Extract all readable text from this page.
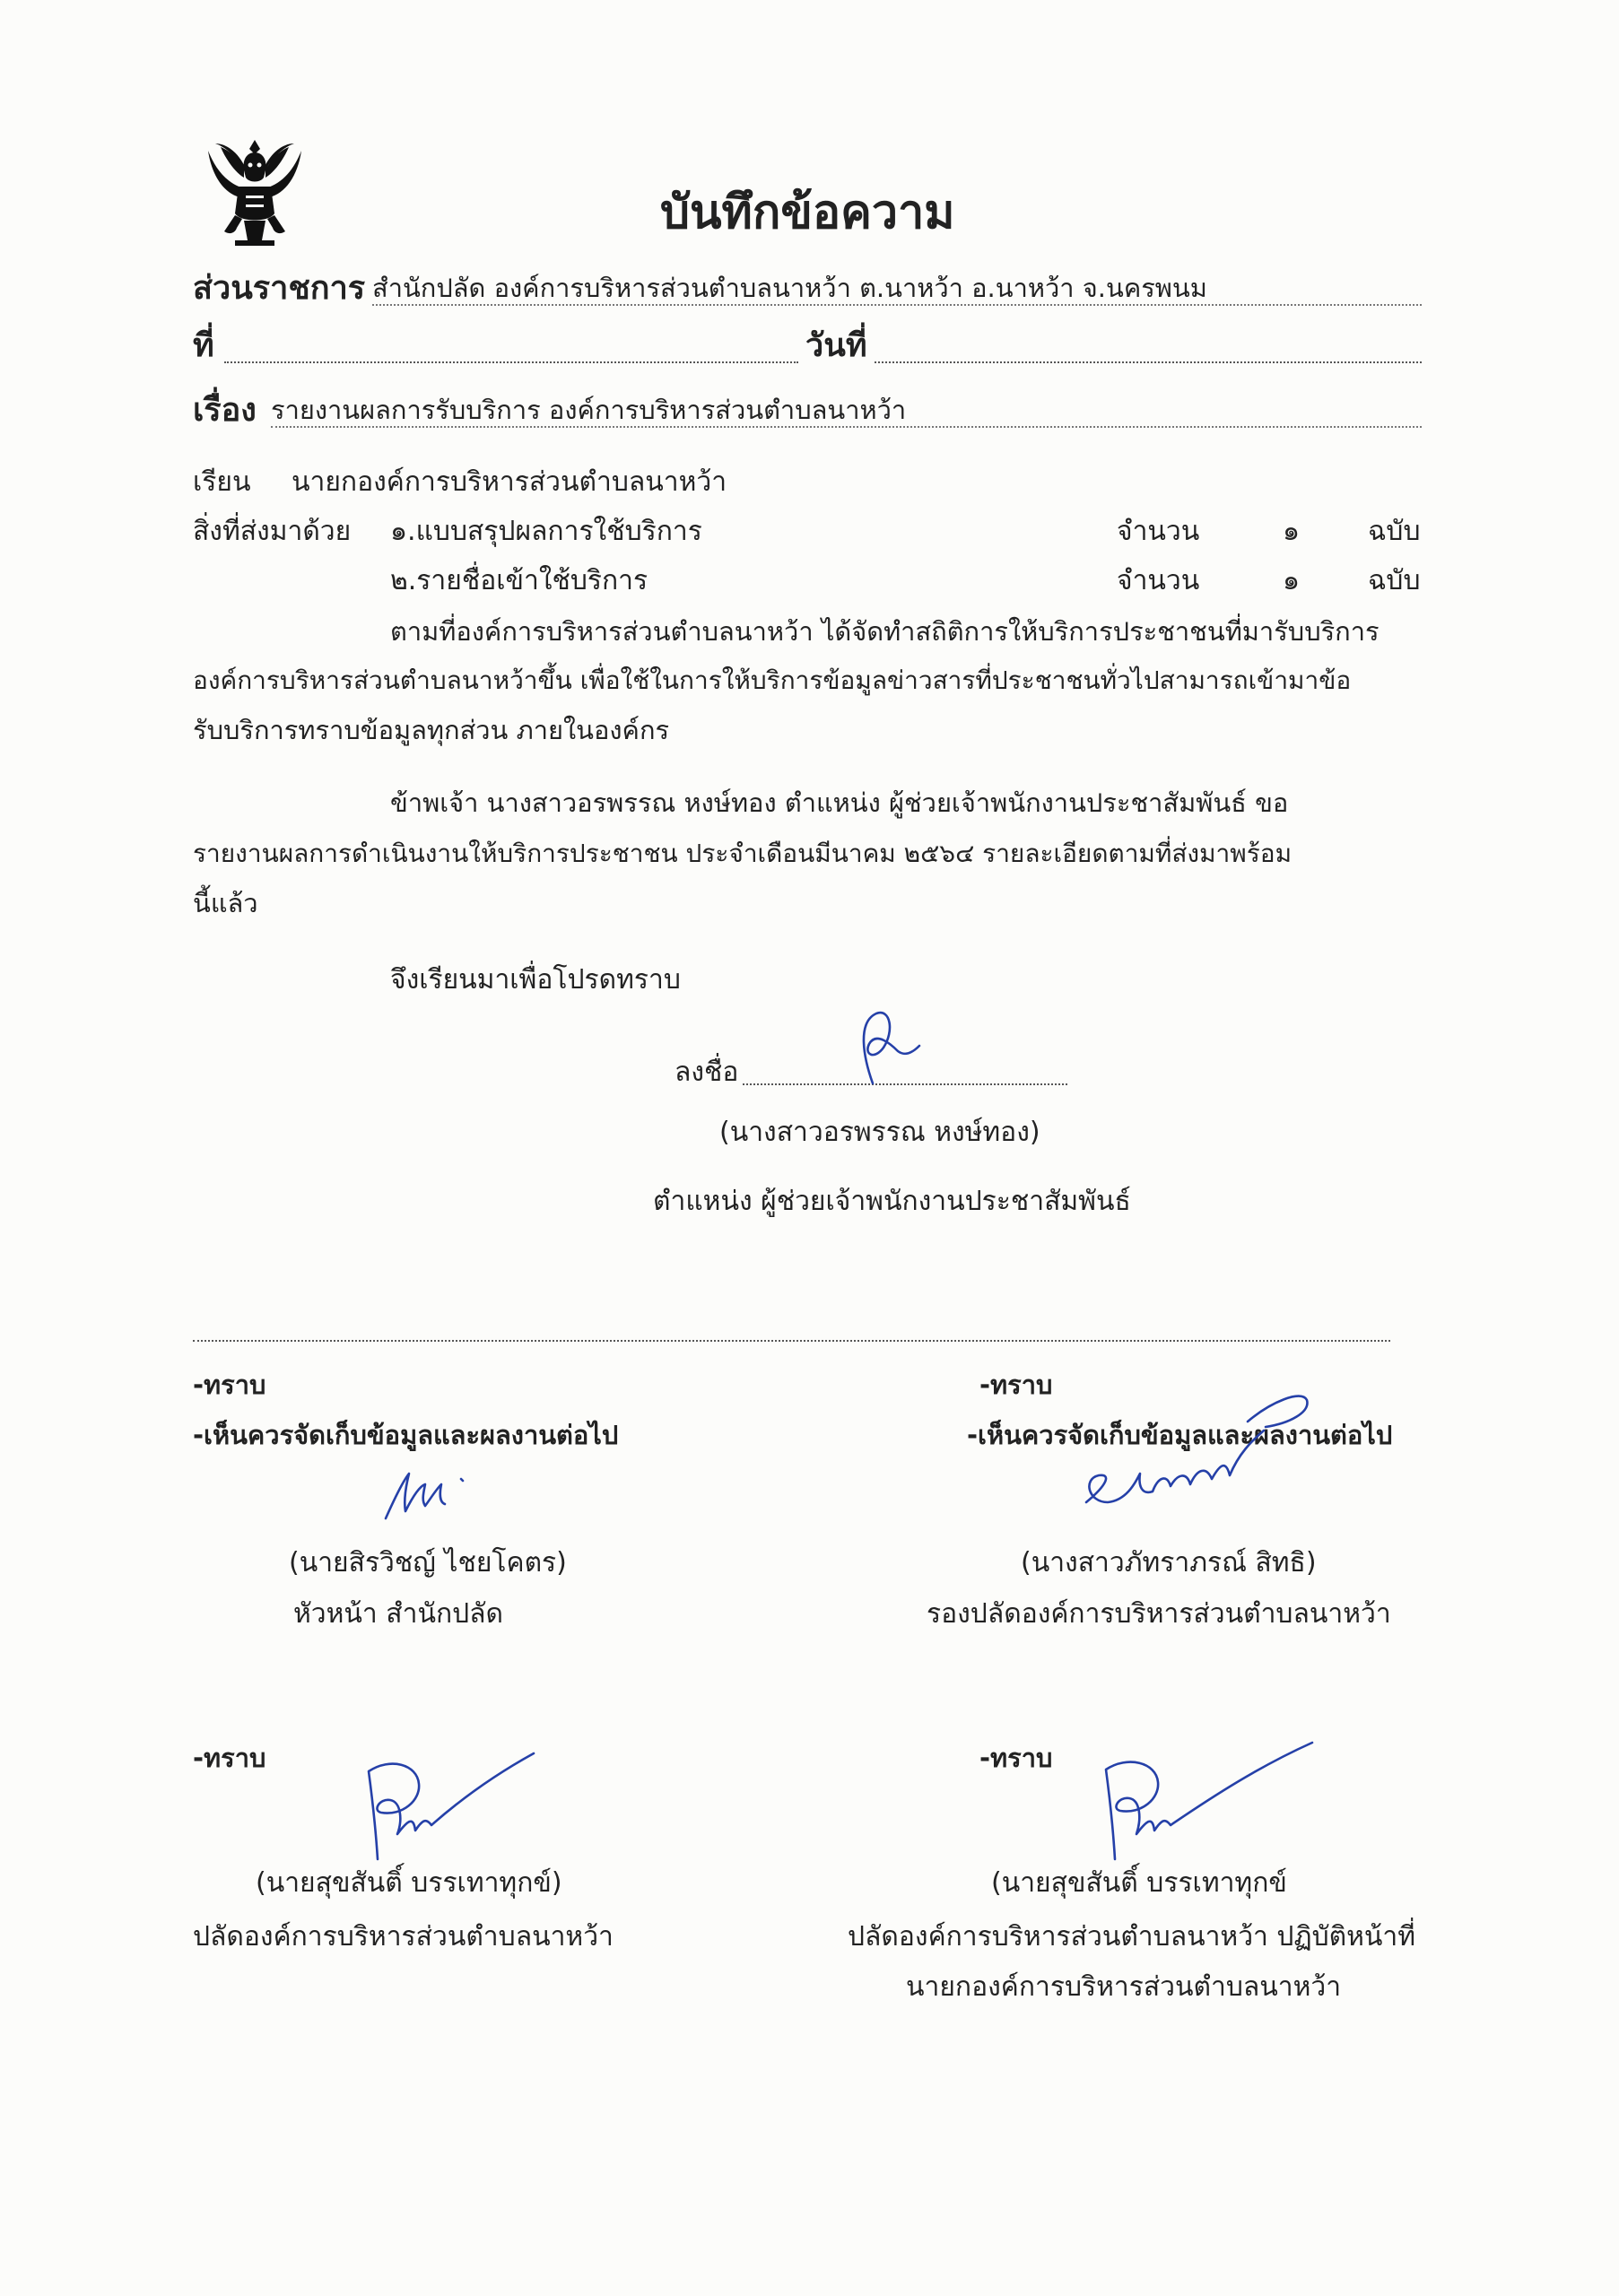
บันทึกข้อความ
ส่วนราชการ สำนักปลัด องค์การบริหารส่วนตำบลนาหว้า ต.นาหว้า อ.นาหว้า จ.นครพนม
ที่	วันที่
เรื่อง รายงานผลการรับบริการ องค์การบริหารส่วนตำบลนาหว้า
เรียน นายกองค์การบริหารส่วนตำบลนาหว้า
สิ่งที่ส่งมาด้วย ๑.แบบสรุปผลการใช้บริการ	จำนวน	๑	ฉบับ
๒.รายชื่อเข้าใช้บริการ	จำนวน	๑	ฉบับ
ตามที่องค์การบริหารส่วนตำบลนาหว้า ได้จัดทำสถิติการให้บริการประชาชนที่มารับบริการ
องค์การบริหารส่วนตำบลนาหว้าขึ้น เพื่อใช้ในการให้บริการข้อมูลข่าวสารที่ประชาชนทั่วไปสามารถเข้ามาข้อ
รับบริการทราบข้อมูลทุกส่วน ภายในองค์กร
ข้าพเจ้า นางสาวอรพรรณ หงษ์ทอง ตำแหน่ง ผู้ช่วยเจ้าพนักงานประชาสัมพันธ์ ขอ
รายงานผลการดำเนินงานให้บริการประชาชน ประจำเดือนมีนาคม ๒๕๖๔ รายละเอียดตามที่ส่งมาพร้อม
นี้แล้ว
จึงเรียนมาเพื่อโปรดทราบ
ลงชื่อ
(นางสาวอรพรรณ หงษ์ทอง)
ตำแหน่ง ผู้ช่วยเจ้าพนักงานประชาสัมพันธ์
-ทราบ
-เห็นควรจัดเก็บข้อมูลและผลงานต่อไป
(นายสิรวิชญ์ ไชยโคตร)
หัวหน้า สำนักปลัด
-ทราบ
-เห็นควรจัดเก็บข้อมูลและผลงานต่อไป
(นางสาวภัทราภรณ์ สิทธิ)
รองปลัดองค์การบริหารส่วนตำบลนาหว้า
-ทราบ
(นายสุขสันติ์ บรรเทาทุกข์)
ปลัดองค์การบริหารส่วนตำบลนาหว้า
-ทราบ
(นายสุขสันติ์ บรรเทาทุกข์
ปลัดองค์การบริหารส่วนตำบลนาหว้า ปฏิบัติหน้าที่
นายกองค์การบริหารส่วนตำบลนาหว้า
